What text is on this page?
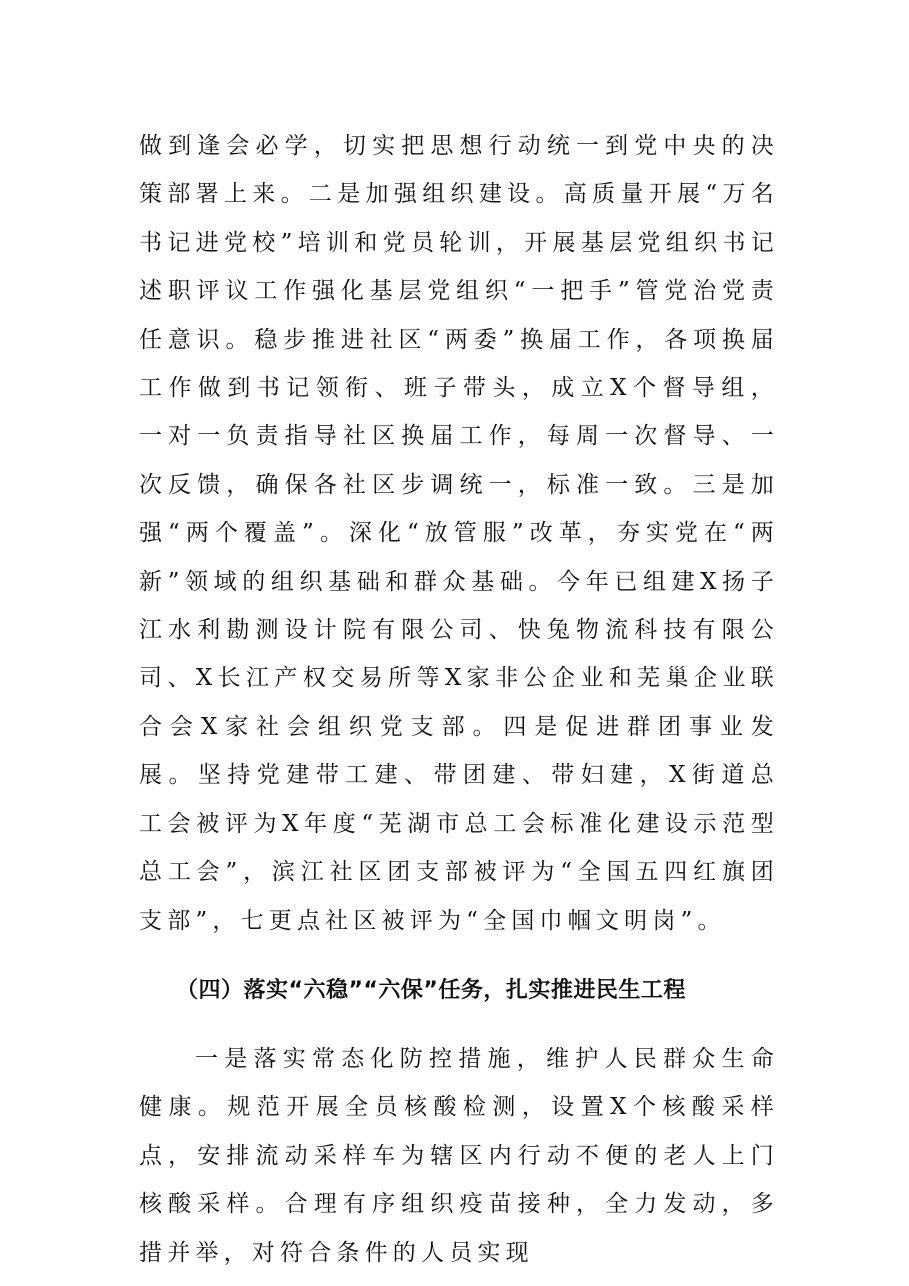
做到逢会必学，切实把思想行动统一到党中央的决策部署上来。二是加强组织建设。高质量开展“万名书记进党校”培训和党员轮训，开展基层党组织书记述职评议工作强化基层党组织“一把手”管党治党责任意识。稳步推进社区“两委”换届工作，各项换届工作做到书记领衔、班子带头，成立X个督导组，一对一负责指导社区换届工作，每周一次督导、一次反馈，确保各社区步调统一，标准一致。三是加强“两个覆盖”。深化“放管服”改革，夯实党在“两新”领域的组织基础和群众基础。今年已组建X扬子江水利勘测设计院有限公司、快兔物流科技有限公司、X长江产权交易所等X家非公企业和芜巢企业联合会X家社会组织党支部。四是促进群团事业发展。坚持党建带工建、带团建、带妇建，X街道总工会被评为X年度“芜湖市总工会标准化建设示范型总工会”，滨江社区团支部被评为“全国五四红旗团支部”，七更点社区被评为“全国巾帼文明岗”。

（四）落实“六稳”“六保”任务，扎实推进民生工程

一是落实常态化防控措施，维护人民群众生命健康。规范开展全员核酸检测，设置X个核酸采样点，安排流动采样车为辖区内行动不便的老人上门核酸采样。合理有序组织疫苗接种，全力发动，多措并举，对符合条件的人员实现
